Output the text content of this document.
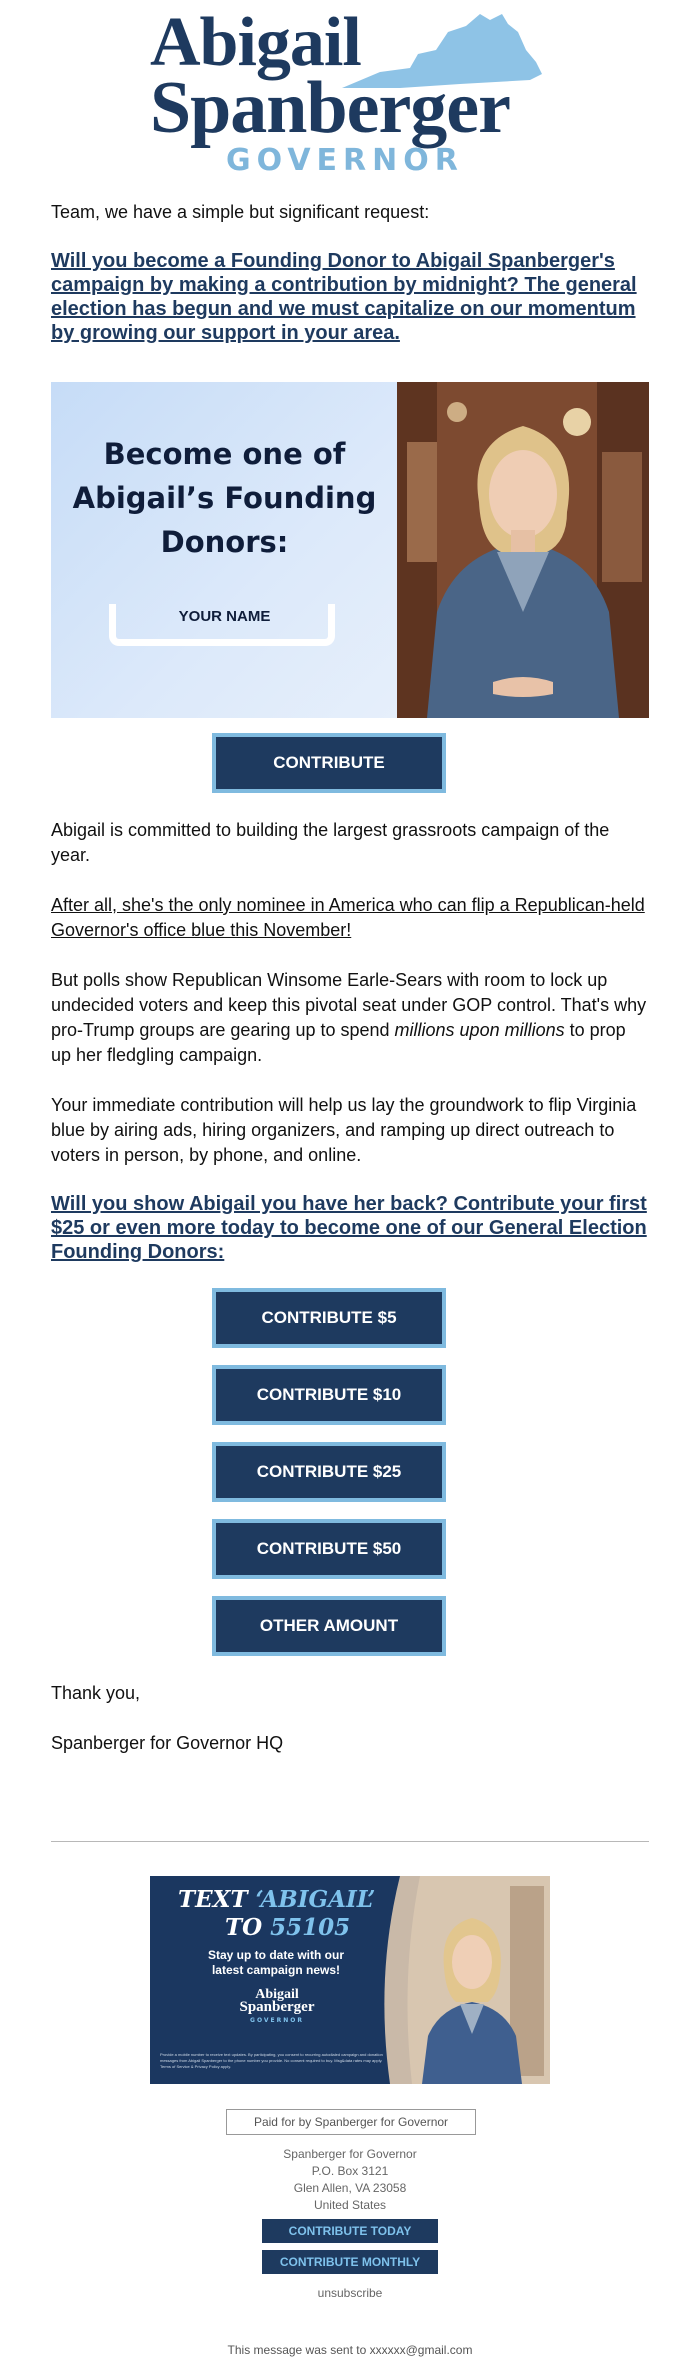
Abigail
Spanberger
GOVERNOR

Team, we have a simple but significant request:

Will you become a Founding Donor to Abigail Spanberger's campaign by making a contribution by midnight? The general election has begun and we must capitalize on our momentum by growing our support in your area.

Become one of
Abigail’s Founding
Donors:
YOUR NAME
CONTRIBUTE

Abigail is committed to building the largest grassroots campaign of the year.

After all, she's the only nominee in America who can flip a Republican-held Governor's office blue this November!

But polls show Republican Winsome Earle-Sears with room to lock up undecided voters and keep this pivotal seat under GOP control. That's why pro-Trump groups are gearing up to spend millions upon millions to prop up her fledgling campaign.

Your immediate contribution will help us lay the groundwork to flip Virginia blue by airing ads, hiring organizers, and ramping up direct outreach to voters in person, by phone, and online.

Will you show Abigail you have her back? Contribute your first $25 or even more today to become one of our General Election Founding Donors:

CONTRIBUTE $5
CONTRIBUTE $10
CONTRIBUTE $25
CONTRIBUTE $50
OTHER AMOUNT

Thank you,

Spanberger for Governor HQ

TEXT ‘ABIGAIL’
TO 55105
Stay up to date with our
latest campaign news!
Abigail
Spanberger
GOVERNOR
Provide a mobile number to receive text updates. By participating, you consent to recurring autodialed campaign and donation messages from Abigail Spanberger to the phone number you provide. No consent required to buy. Msg&data rates may apply. Terms of Service & Privacy Policy apply.
Paid for by Spanberger for Governor
Spanberger for Governor
P.O. Box 3121
Glen Allen, VA 23058
United States
CONTRIBUTE TODAY
CONTRIBUTE MONTHLY
unsubscribe
This message was sent to xxxxxx@gmail.com
